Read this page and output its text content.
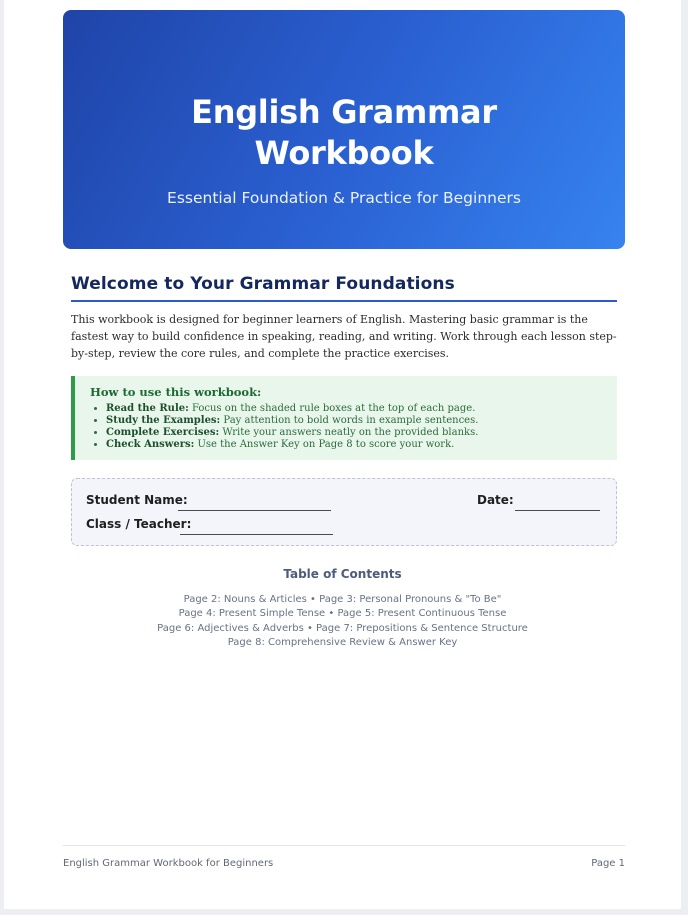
English Grammar
Workbook
Essential Foundation & Practice for Beginners
Welcome to Your Grammar Foundations
This workbook is designed for beginner learners of English. Mastering basic grammar is the fastest way to build confidence in speaking, reading, and writing. Work through each lesson step-by-step, review the core rules, and complete the practice exercises.
How to use this workbook:
• Read the Rule: Focus on the shaded rule boxes at the top of each page.
• Study the Examples: Pay attention to bold words in example sentences.
• Complete Exercises: Write your answers neatly on the provided blanks.
• Check Answers: Use the Answer Key on Page 8 to score your work.
Student Name:	Date:
Class / Teacher:
Table of Contents
Page 2: Nouns & Articles • Page 3: Personal Pronouns & "To Be"
Page 4: Present Simple Tense • Page 5: Present Continuous Tense
Page 6: Adjectives & Adverbs • Page 7: Prepositions & Sentence Structure
Page 8: Comprehensive Review & Answer Key
English Grammar Workbook for Beginners	Page 1
